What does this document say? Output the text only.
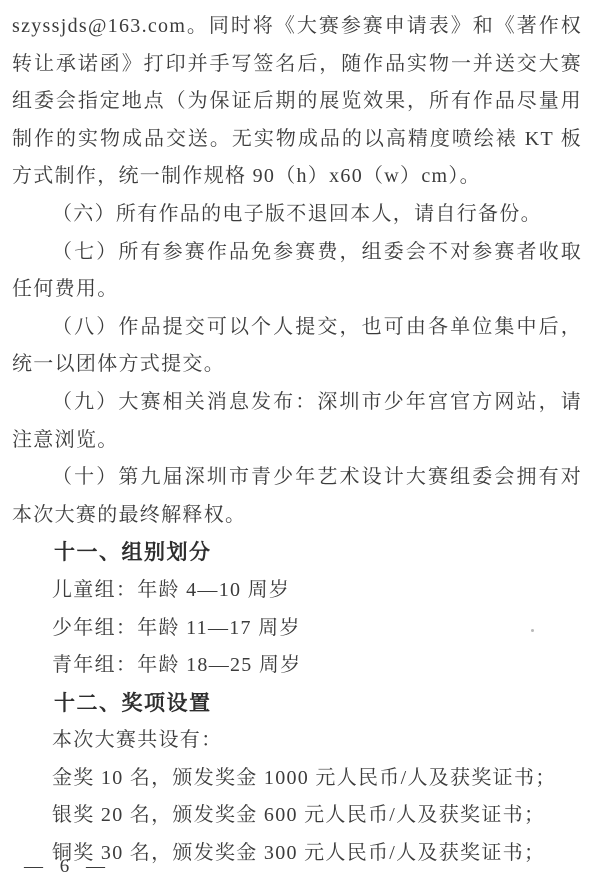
szyssjds@163.com。同时将《大赛参赛申请表》和《著作权转让承诺函》打印并手写签名后，随作品实物一并送交大赛组委会指定地点（为保证后期的展览效果，所有作品尽量用制作的实物成品交送。无实物成品的以高精度喷绘裱 KT 板方式制作，统一制作规格 90（h）x60（w）cm）。

（六）所有作品的电子版不退回本人，请自行备份。

（七）所有参赛作品免参赛费，组委会不对参赛者收取任何费用。

（八）作品提交可以个人提交，也可由各单位集中后，统一以团体方式提交。

（九）大赛相关消息发布：深圳市少年宫官方网站，请注意浏览。

（十）第九届深圳市青少年艺术设计大赛组委会拥有对本次大赛的最终解释权。

十一、组别划分

儿童组：年龄 4—10 周岁

少年组：年龄 11—17 周岁

青年组：年龄 18—25 周岁

十二、奖项设置

本次大赛共设有：

金奖 10 名，颁发奖金 1000 元人民币/人及获奖证书；

银奖 20 名，颁发奖金 600 元人民币/人及获奖证书；

铜奖 30 名，颁发奖金 300 元人民币/人及获奖证书；

— 6 —
